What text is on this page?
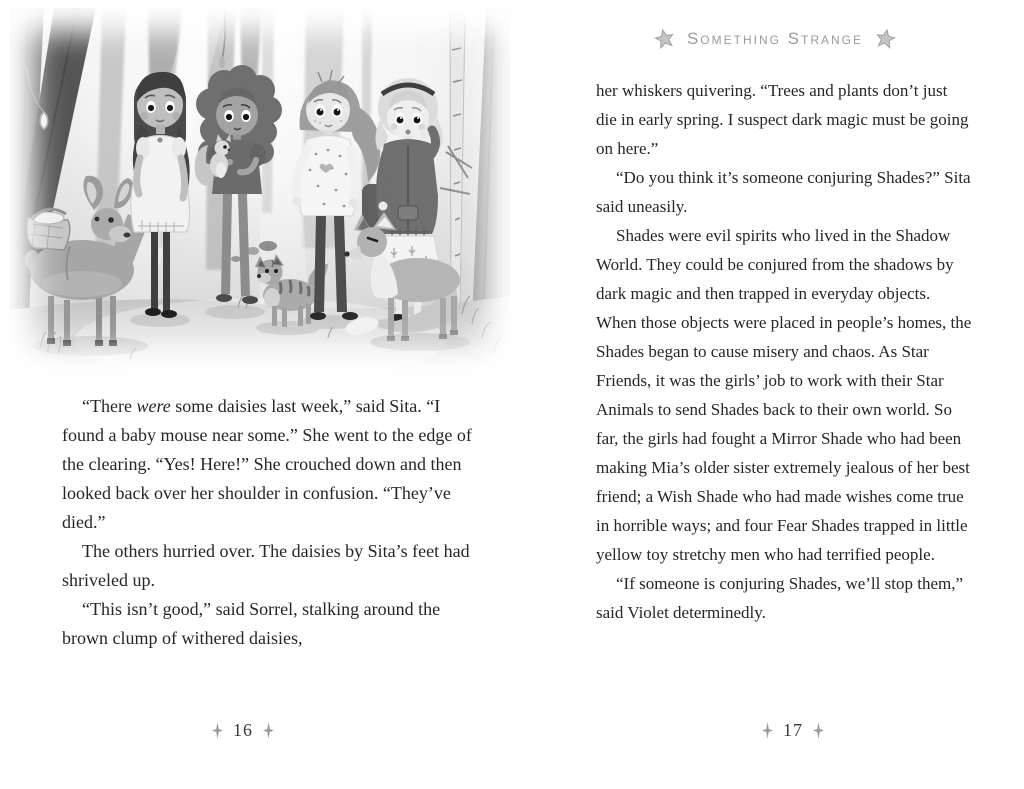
“There were some daisies last week,” said Sita. “I found a baby mouse near some.” She went to the edge of the clearing. “Yes! Here!” She crouched down and then looked back over her shoulder in confusion. “They’ve died.”

The others hurried over. The daisies by Sita’s feet had shriveled up.

“This isn’t good,” said Sorrel, stalking around the brown clump of withered daisies,

16
Something Strange

her whiskers quivering. “Trees and plants don’t just die in early spring. I suspect dark magic must be going on here.”

“Do you think it’s someone conjuring Shades?” Sita said uneasily.

Shades were evil spirits who lived in the Shadow World. They could be conjured from the shadows by dark magic and then trapped in everyday objects. When those objects were placed in people’s homes, the Shades began to cause misery and chaos. As Star Friends, it was the girls’ job to work with their Star Animals to send Shades back to their own world. So far, the girls had fought a Mirror Shade who had been making Mia’s older sister extremely jealous of her best friend; a Wish Shade who had made wishes come true in horrible ways; and four Fear Shades trapped in little yellow toy stretchy men who had terrified people.

“If someone is conjuring Shades, we’ll stop them,” said Violet determinedly.

17
